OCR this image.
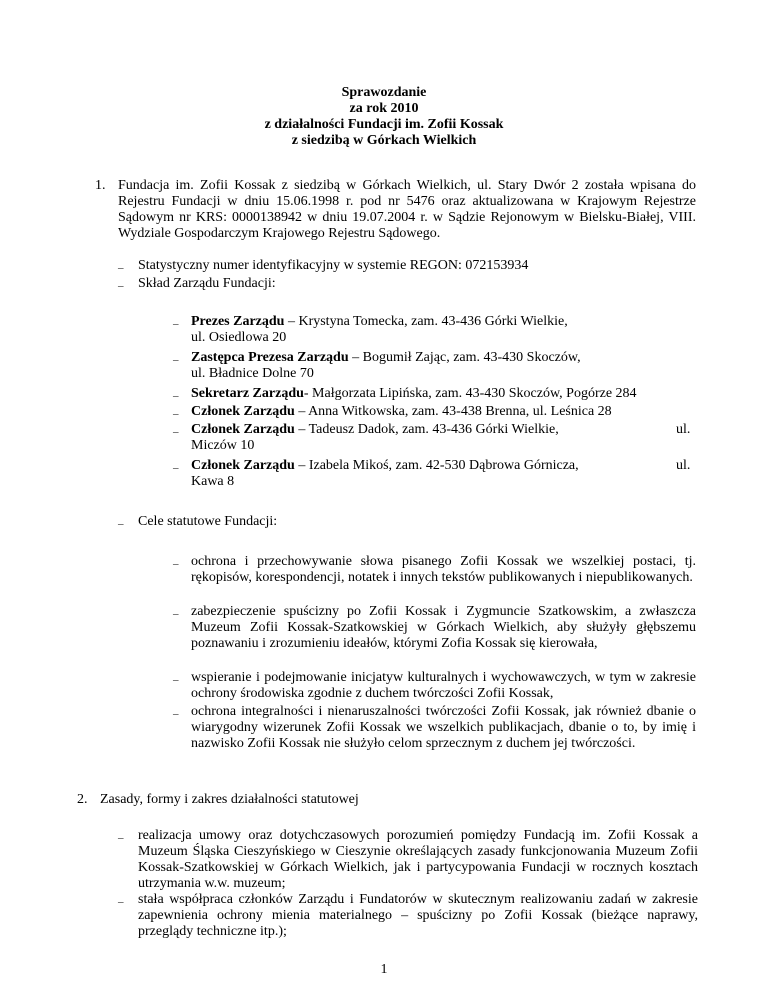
Sprawozdanie
za rok 2010
z działalności Fundacji im. Zofii Kossak
z siedzibą w Górkach Wielkich
1. Fundacja im. Zofii Kossak z siedzibą w Górkach Wielkich, ul. Stary Dwór 2 została wpisana do Rejestru Fundacji w dniu 15.06.1998 r. pod nr 5476 oraz aktualizowana w Krajowym Rejestrze Sądowym nr KRS: 0000138942 w dniu 19.07.2004 r. w Sądzie Rejonowym w Bielsku-Białej, VIII. Wydziale Gospodarczym Krajowego Rejestru Sądowego.
– Statystyczny numer identyfikacyjny w systemie REGON: 072153934
– Skład Zarządu Fundacji:
– Prezes Zarządu – Krystyna Tomecka, zam. 43-436 Górki Wielkie,
ul. Osiedlowa 20
– Zastępca Prezesa Zarządu – Bogumił Zając, zam. 43-430 Skoczów,
ul. Bładnice Dolne 70
– Sekretarz Zarządu- Małgorzata Lipińska, zam. 43-430 Skoczów, Pogórze 284
– Członek Zarządu – Anna Witkowska, zam. 43-438 Brenna, ul. Leśnica 28
– Członek Zarządu – Tadeusz Dadok, zam. 43-436 Górki Wielkie,
Miczów 10
ul.
– Członek Zarządu – Izabela Mikoś, zam. 42-530 Dąbrowa Górnicza,
Kawa 8
ul.
– Cele statutowe Fundacji:
– ochrona i przechowywanie słowa pisanego Zofii Kossak we wszelkiej postaci, tj. rękopisów, korespondencji, notatek i innych tekstów publikowanych i niepublikowanych.
– zabezpieczenie spuścizny po Zofii Kossak i Zygmuncie Szatkowskim, a zwłaszcza Muzeum Zofii Kossak-Szatkowskiej w Górkach Wielkich, aby służyły głębszemu poznawaniu i zrozumieniu ideałów, którymi Zofia Kossak się kierowała,
– wspieranie i podejmowanie inicjatyw kulturalnych i wychowawczych, w tym w zakresie ochrony środowiska zgodnie z duchem twórczości Zofii Kossak,
– ochrona integralności i nienaruszalności twórczości Zofii Kossak, jak również dbanie o wiarygodny wizerunek Zofii Kossak we wszelkich publikacjach, dbanie o to, by imię i nazwisko Zofii Kossak nie służyło celom sprzecznym z duchem jej twórczości.
2. Zasady, formy i zakres działalności statutowej
– realizacja umowy oraz dotychczasowych porozumień pomiędzy Fundacją im. Zofii Kossak a Muzeum Śląska Cieszyńskiego w Cieszynie określających zasady funkcjonowania Muzeum Zofii Kossak-Szatkowskiej w Górkach Wielkich, jak i partycypowania Fundacji w rocznych kosztach utrzymania w.w. muzeum;
– stała współpraca członków Zarządu i Fundatorów w skutecznym realizowaniu zadań w zakresie zapewnienia ochrony mienia materialnego – spuścizny po Zofii Kossak (bieżące naprawy, przeglądy techniczne itp.);
1
